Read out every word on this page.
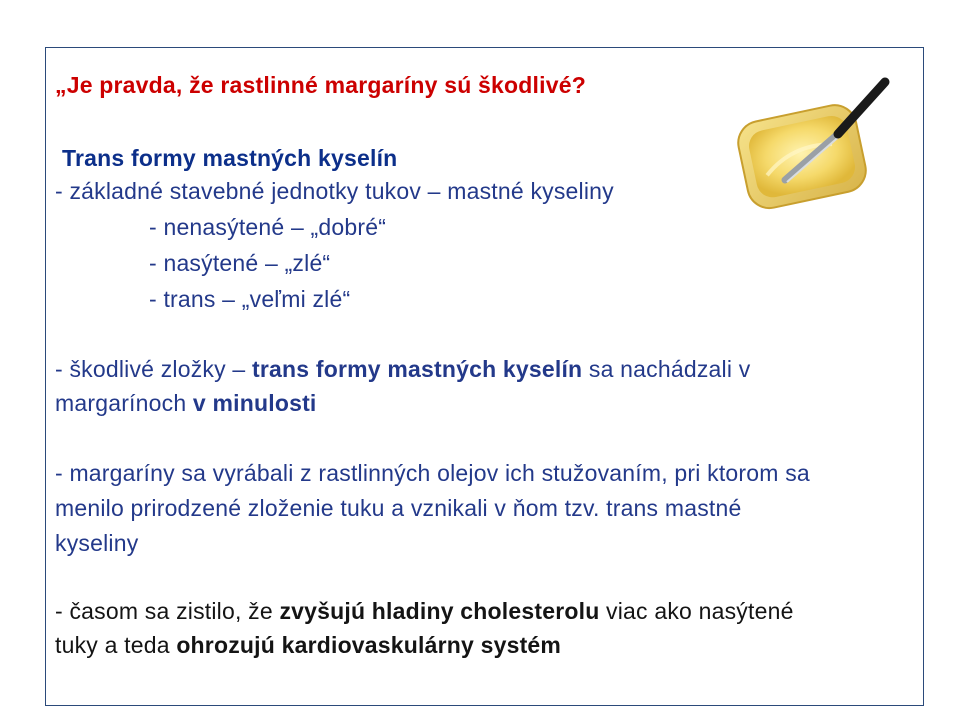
„Je pravda, že rastlinné margaríny sú škodlivé?
Trans formy mastných kyselín
- základné stavebné jednotky tukov – mastné kyseliny
- nenasýtené – „dobré“
- nasýtené – „zlé“
- trans – „veľmi zlé“
- škodlivé zložky – trans formy mastných kyselín sa nachádzali v
margarínoch v minulosti
- margaríny sa vyrábali z rastlinných olejov ich stužovaním, pri ktorom sa
menilo prirodzené zloženie tuku a vznikali v ňom tzv. trans mastné
kyseliny
- časom sa zistilo, že zvyšujú hladiny cholesterolu viac ako nasýtené
tuky a teda ohrozujú kardiovaskulárny systém
